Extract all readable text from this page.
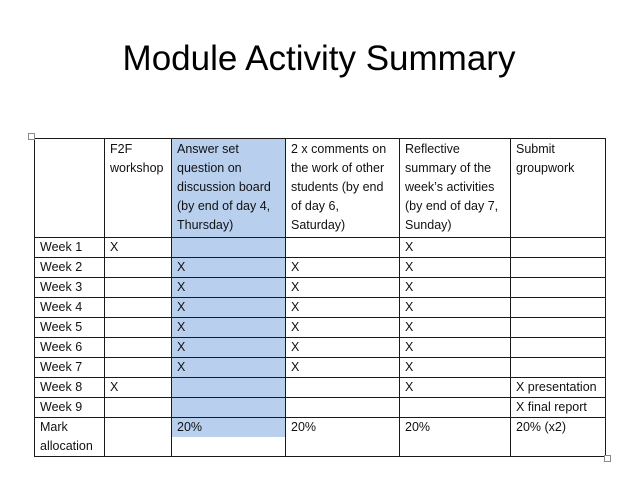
Module Activity Summary
	F2F workshop	Answer set question on discussion board (by end of day 4, Thursday)	2 x comments on the work of other students (by end of day 6, Saturday)	Reflective summary of the week’s activities (by end of day 7, Sunday)	Submit groupwork
Week 1	X			X	
Week 2		X	X	X	
Week 3		X	X	X	
Week 4		X	X	X	
Week 5		X	X	X	
Week 6		X	X	X	
Week 7		X	X	X	
Week 8	X			X	X presentation
Week 9					X final report
Mark allocation		20%	20%	20%	20% (x2)
